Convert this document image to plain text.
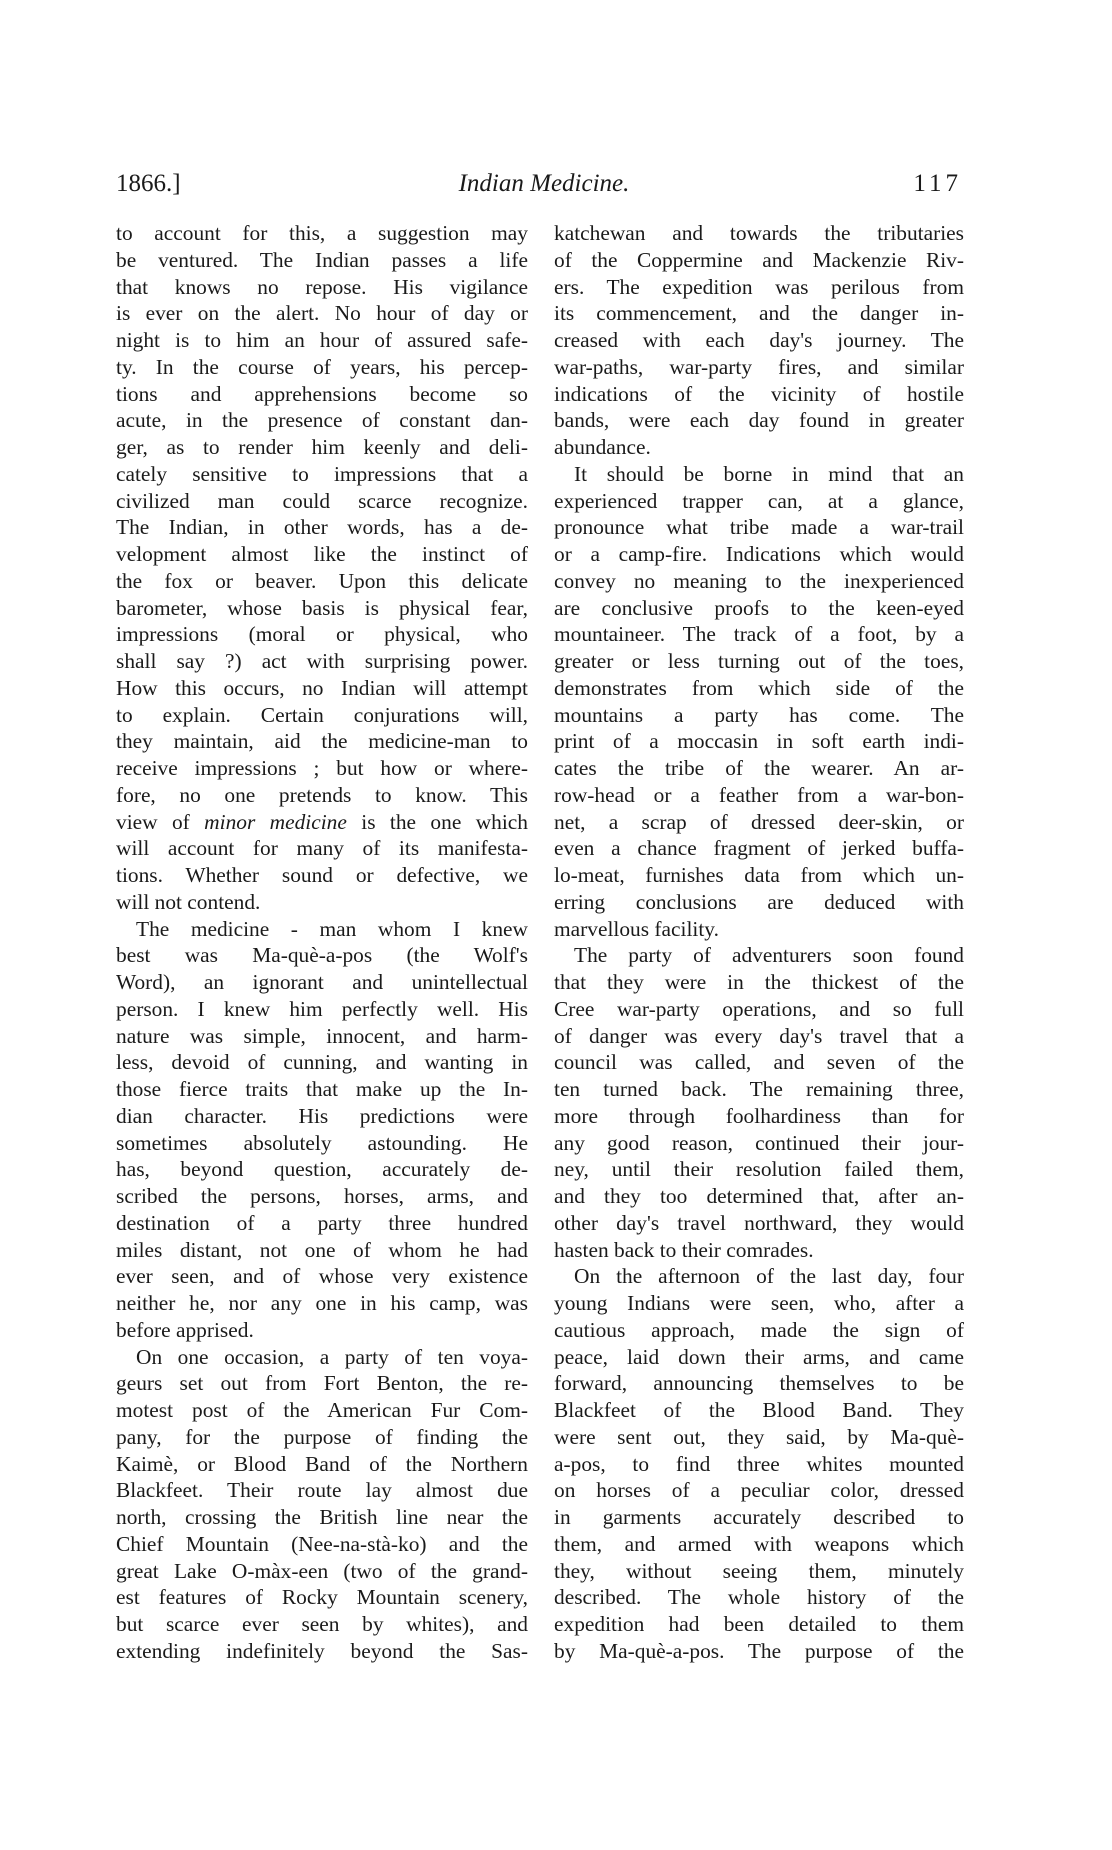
1866.]	Indian Medicine.	117
to account for this, a suggestion may
be ventured. The Indian passes a life
that knows no repose. His vigilance
is ever on the alert. No hour of day or
night is to him an hour of assured safe-
ty. In the course of years, his percep-
tions and apprehensions become so
acute, in the presence of constant dan-
ger, as to render him keenly and deli-
cately sensitive to impressions that a
civilized man could scarce recognize.
The Indian, in other words, has a de-
velopment almost like the instinct of
the fox or beaver. Upon this delicate
barometer, whose basis is physical fear,
impressions (moral or physical, who
shall say ?) act with surprising power.
How this occurs, no Indian will attempt
to explain. Certain conjurations will,
they maintain, aid the medicine-man to
receive impressions ; but how or where-
fore, no one pretends to know. This
view of minor medicine is the one which
will account for many of its manifesta-
tions. Whether sound or defective, we
will not contend.
The medicine - man whom I knew
best was Ma-què-a-pos (the Wolf's
Word), an ignorant and unintellectual
person. I knew him perfectly well. His
nature was simple, innocent, and harm-
less, devoid of cunning, and wanting in
those fierce traits that make up the In-
dian character. His predictions were
sometimes absolutely astounding. He
has, beyond question, accurately de-
scribed the persons, horses, arms, and
destination of a party three hundred
miles distant, not one of whom he had
ever seen, and of whose very existence
neither he, nor any one in his camp, was
before apprised.
On one occasion, a party of ten voya-
geurs set out from Fort Benton, the re-
motest post of the American Fur Com-
pany, for the purpose of finding the
Kaimè, or Blood Band of the Northern
Blackfeet. Their route lay almost due
north, crossing the British line near the
Chief Mountain (Nee-na-stà-ko) and the
great Lake O-màx-een (two of the grand-
est features of Rocky Mountain scenery,
but scarce ever seen by whites), and
extending indefinitely beyond the Sas-
katchewan and towards the tributaries
of the Coppermine and Mackenzie Riv-
ers. The expedition was perilous from
its commencement, and the danger in-
creased with each day's journey. The
war-paths, war-party fires, and similar
indications of the vicinity of hostile
bands, were each day found in greater
abundance.
It should be borne in mind that an
experienced trapper can, at a glance,
pronounce what tribe made a war-trail
or a camp-fire. Indications which would
convey no meaning to the inexperienced
are conclusive proofs to the keen-eyed
mountaineer. The track of a foot, by a
greater or less turning out of the toes,
demonstrates from which side of the
mountains a party has come. The
print of a moccasin in soft earth indi-
cates the tribe of the wearer. An ar-
row-head or a feather from a war-bon-
net, a scrap of dressed deer-skin, or
even a chance fragment of jerked buffa-
lo-meat, furnishes data from which un-
erring conclusions are deduced with
marvellous facility.
The party of adventurers soon found
that they were in the thickest of the
Cree war-party operations, and so full
of danger was every day's travel that a
council was called, and seven of the
ten turned back. The remaining three,
more through foolhardiness than for
any good reason, continued their jour-
ney, until their resolution failed them,
and they too determined that, after an-
other day's travel northward, they would
hasten back to their comrades.
On the afternoon of the last day, four
young Indians were seen, who, after a
cautious approach, made the sign of
peace, laid down their arms, and came
forward, announcing themselves to be
Blackfeet of the Blood Band. They
were sent out, they said, by Ma-què-
a-pos, to find three whites mounted
on horses of a peculiar color, dressed
in garments accurately described to
them, and armed with weapons which
they, without seeing them, minutely
described. The whole history of the
expedition had been detailed to them
by Ma-què-a-pos. The purpose of the
